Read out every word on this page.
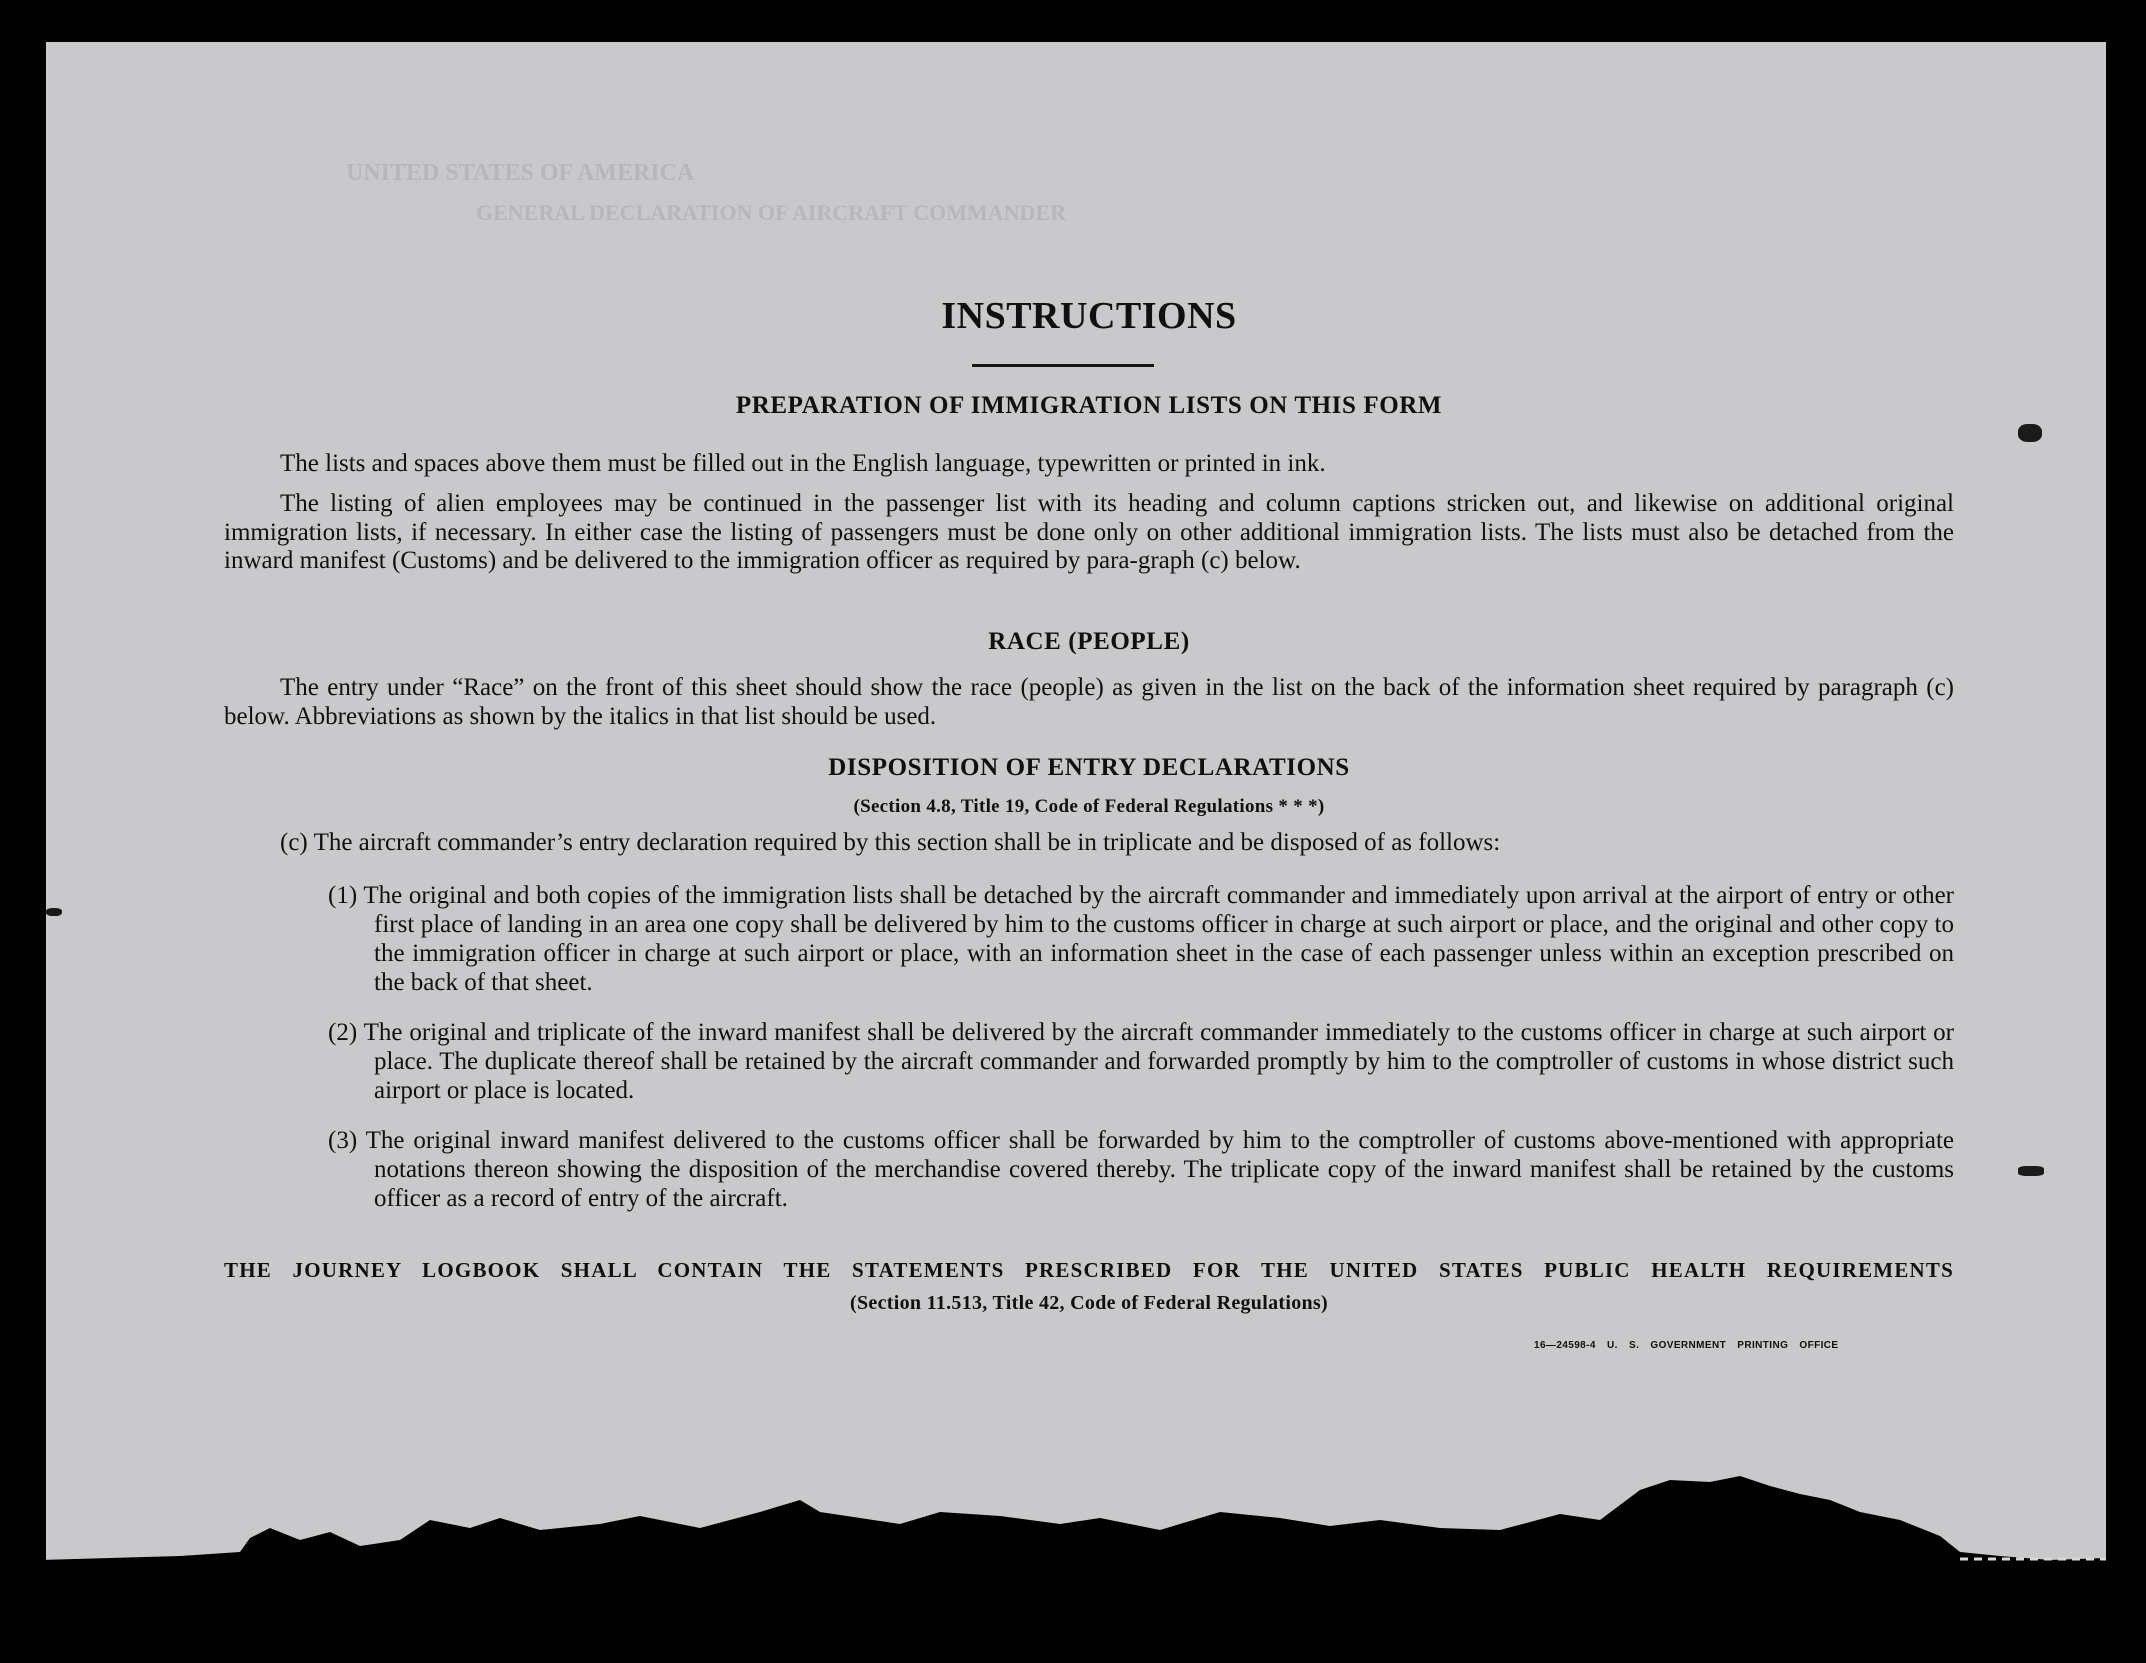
UNITED STATES OF AMERICA
GENERAL DECLARATION OF AIRCRAFT COMMANDER
INSTRUCTIONS
PREPARATION OF IMMIGRATION LISTS ON THIS FORM
The lists and spaces above them must be filled out in the English language, typewritten or printed in ink.
The listing of alien employees may be continued in the passenger list with its heading and column captions stricken out, and likewise on additional original immigration lists, if necessary. In either case the listing of passengers must be done only on other additional immigration lists. The lists must also be detached from the inward manifest (Customs) and be delivered to the immigration officer as required by para-graph (c) below.
RACE (PEOPLE)
The entry under “Race” on the front of this sheet should show the race (people) as given in the list on the back of the information sheet required by paragraph (c) below. Abbreviations as shown by the italics in that list should be used.
DISPOSITION OF ENTRY DECLARATIONS
(Section 4.8, Title 19, Code of Federal Regulations * * *)
(c) The aircraft commander’s entry declaration required by this section shall be in triplicate and be disposed of as follows:
(1) The original and both copies of the immigration lists shall be detached by the aircraft commander and immediately upon arrival at the airport of entry or other first place of landing in an area one copy shall be delivered by him to the customs officer in charge at such airport or place, and the original and other copy to the immigration officer in charge at such airport or place, with an information sheet in the case of each passenger unless within an exception prescribed on the back of that sheet.
(2) The original and triplicate of the inward manifest shall be delivered by the aircraft commander immediately to the customs officer in charge at such airport or place. The duplicate thereof shall be retained by the aircraft commander and forwarded promptly by him to the comptroller of customs in whose district such airport or place is located.
(3) The original inward manifest delivered to the customs officer shall be forwarded by him to the comptroller of customs above-mentioned with appropriate notations thereon showing the disposition of the merchandise covered thereby. The triplicate copy of the inward manifest shall be retained by the customs officer as a record of entry of the aircraft.
THE JOURNEY LOGBOOK SHALL CONTAIN THE STATEMENTS PRESCRIBED FOR THE UNITED STATES PUBLIC HEALTH REQUIREMENTS
(Section 11.513, Title 42, Code of Federal Regulations)
16—24598‑4 U. S. GOVERNMENT PRINTING OFFICE
